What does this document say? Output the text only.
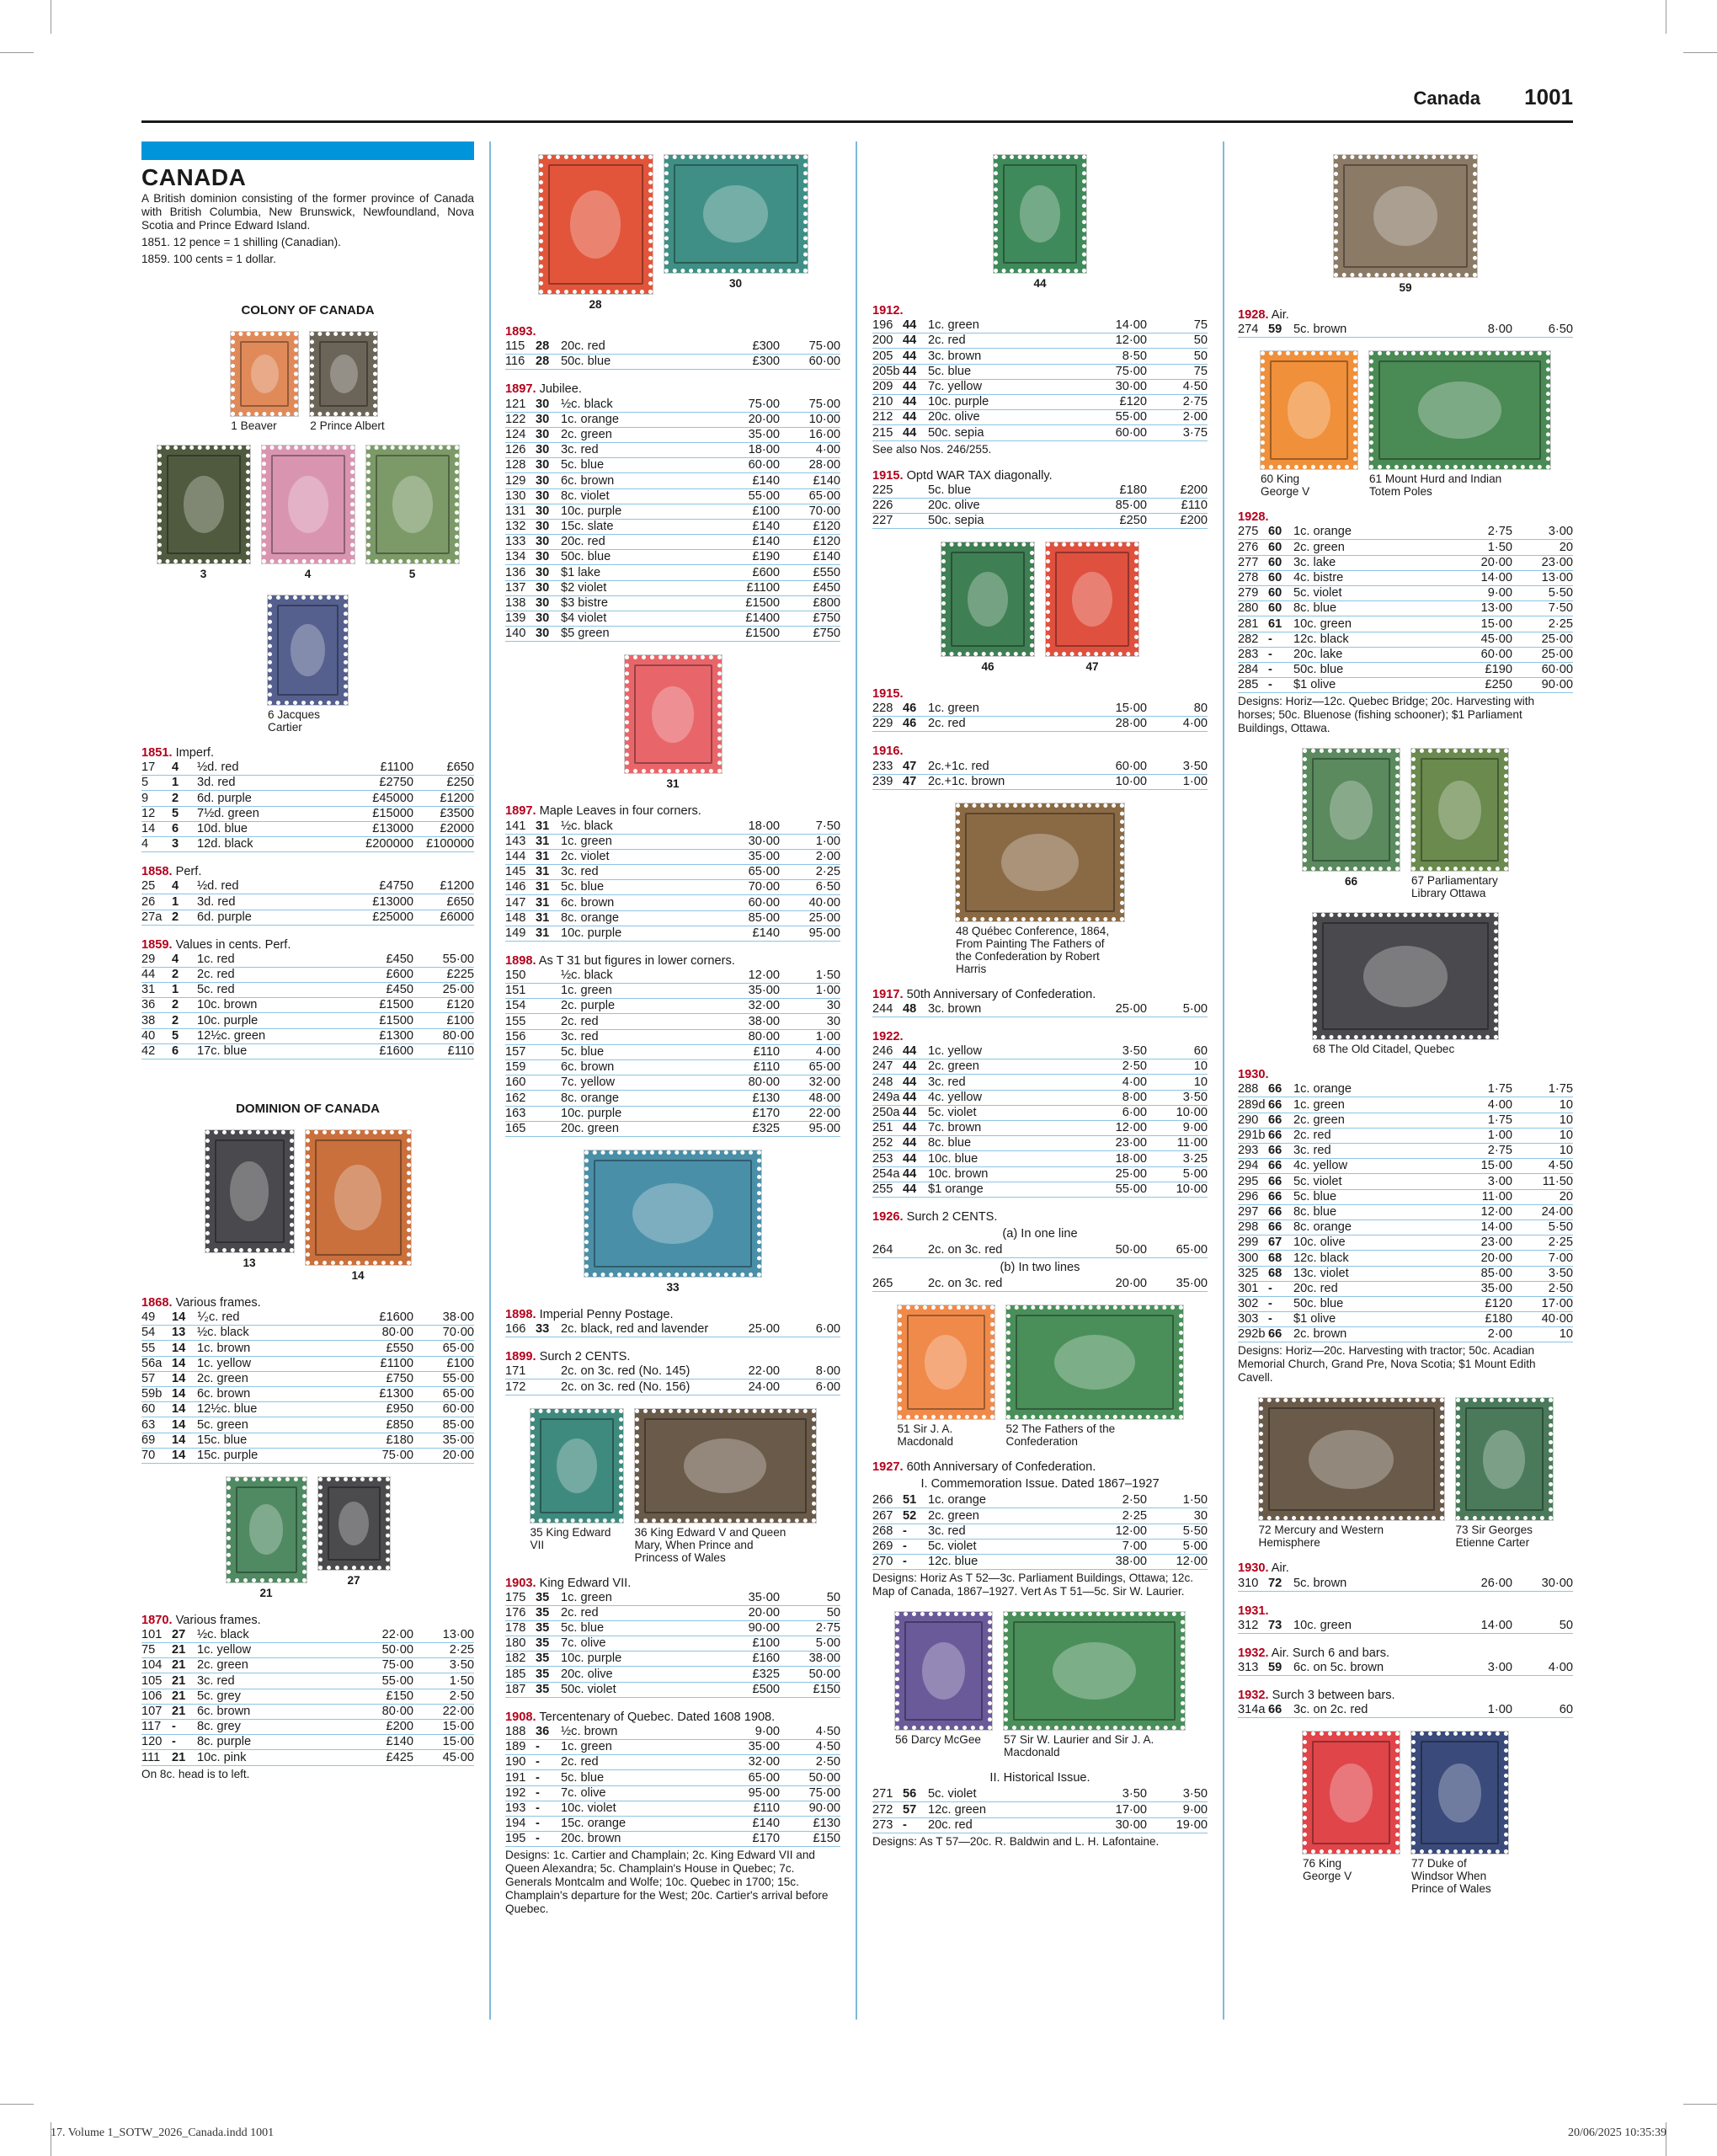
Canada 1001
CANADA
A British dominion consisting of the former province of Canada with British Columbia, New Brunswick, Newfoundland, Nova Scotia and Prince Edward Island.
1851. 12 pence = 1 shilling (Canadian).
1859. 100 cents = 1 dollar.
COLONY OF CANADA
1 Beaver	2 Prince Albert
3	4	5
6 Jacques
Cartier
1851. Imperf.
17	4	½d. red	£1100	£650
5	1	3d. red	£2750	£250
9	2	6d. purple	£45000	£1200
12	5	7½d. green	£15000	£3500
14	6	10d. blue	£13000	£2000
4	3	12d. black	£200000	£100000
1858. Perf.
25	4	½d. red	£4750	£1200
26	1	3d. red	£13000	£650
27a 2	6d. purple	£25000	£6000
1859. Values in cents. Perf.
29	4	1c. red	£450	55·00
44	2	2c. red	£600	£225
31	1	5c. red	£450	25·00
36	2	10c. brown	£1500	£120
38	2	10c. purple	£1500	£100
40	5	12½c. green	£1300	80·00
42	6	17c. blue	£1600	£110
DOMINION OF CANADA
13
14
1868. Various frames.
49	14 ⅟₂c. red	£1600	38·00
54	13 ½c. black	80·00	70·00
55	14 1c. brown	£550	65·00
56a 14 1c. yellow	£1100	£100
57	14 2c. green	£750	55·00
59b 14 6c. brown	£1300	65·00
60	14 12½c. blue	£950	60·00
63	14 5c. green	£850	85·00
69	14 15c. blue	£180	35·00
70	14 15c. purple	75·00	20·00
21
27
1870. Various frames.
101 27 ½c. black	22·00	13·00
75	21 1c. yellow	50·00	2·25
104 21 2c. green	75·00	3·50
105 21 3c. red	55·00	1·50
106 21 5c. grey	£150	2·50
107 21 6c. brown	80·00	22·00
117 -	8c. grey	£200	15·00
120 -	8c. purple	£140	15·00
111 21 10c. pink	£425	45·00
On 8c. head is to left.
28
30
1893.
115 28 20c. red	£300	75·00
116 28 50c. blue	£300	60·00
1897. Jubilee.
121 30 ½c. black	75·00	75·00
122 30 1c. orange	20·00	10·00
124 30 2c. green	35·00	16·00
126 30 3c. red	18·00	4·00
128 30 5c. blue	60·00	28·00
129 30 6c. brown	£140	£140
130 30 8c. violet	55·00	65·00
131 30 10c. purple	£100	70·00
132 30 15c. slate	£140	£120
133 30 20c. red	£140	£120
134 30 50c. blue	£190	£140
136 30 $1 lake	£600	£550
137 30 $2 violet	£1100	£450
138 30 $3 bistre	£1500	£800
139 30 $4 violet	£1400	£750
140 30 $5 green	£1500	£750
31
1897. Maple Leaves in four corners.
141 31 ½c. black	18·00	7·50
143 31 1c. green	30·00	1·00
144 31 2c. violet	35·00	2·00
145 31 3c. red	65·00	2·25
146 31 5c. blue	70·00	6·50
147 31 6c. brown	60·00	40·00
148 31 8c. orange	85·00	25·00
149 31 10c. purple	£140	95·00
1898. As T 31 but figures in lower corners.
150	½c. black	12·00	1·50
151	1c. green	35·00	1·00
154	2c. purple	32·00	30
155	2c. red	38·00	30
156	3c. red	80·00	1·00
157	5c. blue	£110	4·00
159	6c. brown	£110	65·00
160	7c. yellow	80·00	32·00
162	8c. orange	£130	48·00
163	10c. purple	£170	22·00
165	20c. green	£325	95·00
33
1898. Imperial Penny Postage.
166 33 2c. black, red and lavender	25·00	6·00
1899. Surch 2 CENTS.
171	2c. on 3c. red (No. 145)	22·00	8·00
172	2c. on 3c. red (No. 156)	24·00	6·00
35 King Edward
VII
36 King Edward V and Queen
Mary, When Prince and
Princess of Wales
1903. King Edward VII.
175 35 1c. green	35·00	50
176 35 2c. red	20·00	50
178 35 5c. blue	90·00	2·75
180 35 7c. olive	£100	5·00
182 35 10c. purple	£160	38·00
185 35 20c. olive	£325	50·00
187 35 50c. violet	£500	£150
1908. Tercentenary of Quebec. Dated 1608 1908.
188 36 ½c. brown	9·00	4·50
189 -	1c. green	35·00	4·50
190 -	2c. red	32·00	2·50
191 -	5c. blue	65·00	50·00
192 -	7c. olive	95·00	75·00
193 -	10c. violet	£110	90·00
194 -	15c. orange	£140	£130
195 -	20c. brown	£170	£150
Designs: 1c. Cartier and Champlain; 2c. King Edward VII and Queen Alexandra; 5c. Champlain's House in Quebec; 7c. Generals Montcalm and Wolfe; 10c. Quebec in 1700; 15c. Champlain's departure for the West; 20c. Cartier's arrival before Quebec.
44
1912.
196 44 1c. green	14·00	75
200 44 2c. red	12·00	50
205 44 3c. brown	8·50	50
205b 44 5c. blue	75·00	75
209 44 7c. yellow	30·00	4·50
210 44 10c. purple	£120	2·75
212 44 20c. olive	55·00	2·00
215 44 50c. sepia	60·00	3·75
See also Nos. 246/255.
1915. Optd WAR TAX diagonally.
225	5c. blue	£180	£200
226	20c. olive	85·00	£110
227	50c. sepia	£250	£200
46	47
1915.
228 46 1c. green	15·00	80
229 46 2c. red	28·00	4·00
1916.
233 47 2c.+1c. red	60·00	3·50
239 47 2c.+1c. brown	10·00	1·00
48 Québec Conference, 1864,
From Painting The Fathers of
the Confederation by Robert
Harris
1917. 50th Anniversary of Confederation.
244 48 3c. brown	25·00	5·00
1922.
246 44 1c. yellow	3·50	60
247 44 2c. green	2·50	10
248 44 3c. red	4·00	10
249a 44 4c. yellow	8·00	3·50
250a 44 5c. violet	6·00	10·00
251 44 7c. brown	12·00	9·00
252 44 8c. blue	23·00	11·00
253 44 10c. blue	18·00	3·25
254a 44 10c. brown	25·00	5·00
255 44 $1 orange	55·00	10·00
1926. Surch 2 CENTS.
(a) In one line
264	2c. on 3c. red	50·00	65·00
(b) In two lines
265	2c. on 3c. red	20·00	35·00
51 Sir J. A.
Macdonald
52 The Fathers of the
Confederation
1927. 60th Anniversary of Confederation.
I. Commemoration Issue. Dated 1867–1927
266 51 1c. orange	2·50	1·50
267 52 2c. green	2·25	30
268 -	3c. red	12·00	5·50
269 -	5c. violet	7·00	5·00
270 -	12c. blue	38·00	12·00
Designs: Horiz As T 52—3c. Parliament Buildings, Ottawa; 12c. Map of Canada, 1867–1927. Vert As T 51—5c. Sir W. Laurier.
56 Darcy McGee 57 Sir W. Laurier and Sir J. A.
Macdonald
II. Historical Issue.
271 56 5c. violet	3·50	3·50
272 57 12c. green	17·00	9·00
273 -	20c. red	30·00	19·00
Designs: As T 57—20c. R. Baldwin and L. H. Lafontaine.
59
1928. Air.
274 59 5c. brown	8·00	6·50
60 King
George V
61 Mount Hurd and Indian
Totem Poles
1928.
275 60 1c. orange	2·75	3·00
276 60 2c. green	1·50	20
277 60 3c. lake	20·00	23·00
278 60 4c. bistre	14·00	13·00
279 60 5c. violet	9·00	5·50
280 60 8c. blue	13·00	7·50
281 61 10c. green	15·00	2·25
282 -	12c. black	45·00	25·00
283 -	20c. lake	60·00	25·00
284 -	50c. blue	£190	60·00
285 -	$1 olive	£250	90·00
Designs: Horiz—12c. Quebec Bridge; 20c. Harvesting with horses; 50c. Bluenose (fishing schooner); $1 Parliament Buildings, Ottawa.
66	67 Parliamentary
Library Ottawa
68 The Old Citadel, Quebec
1930.
288 66 1c. orange	1·75	1·75
289d 66 1c. green	4·00	10
290 66 2c. green	1·75	10
291b 66 2c. red	1·00	10
293 66 3c. red	2·75	10
294 66 4c. yellow	15·00	4·50
295 66 5c. violet	3·00	11·50
296 66 5c. blue	11·00	20
297 66 8c. blue	12·00	24·00
298 66 8c. orange	14·00	5·50
299 67 10c. olive	23·00	2·25
300 68 12c. black	20·00	7·00
325 68 13c. violet	85·00	3·50
301 -	20c. red	35·00	2·50
302 -	50c. blue	£120	17·00
303 -	$1 olive	£180	40·00
292b 66 2c. brown	2·00	10
Designs: Horiz—20c. Harvesting with tractor; 50c. Acadian Memorial Church, Grand Pre, Nova Scotia; $1 Mount Edith Cavell.
72 Mercury and Western
Hemisphere
73 Sir Georges
Etienne Carter
1930. Air.
310 72 5c. brown	26·00	30·00
1931.
312 73 10c. green	14·00	50
1932. Air. Surch 6 and bars.
313 59 6c. on 5c. brown	3·00	4·00
1932. Surch 3 between bars.
314a 66 3c. on 2c. red	1·00	60
76 King
George V
77 Duke of
Windsor When
Prince of Wales
17. Volume 1_SOTW_2026_Canada.indd 1001	20/06/2025 10:35:39
